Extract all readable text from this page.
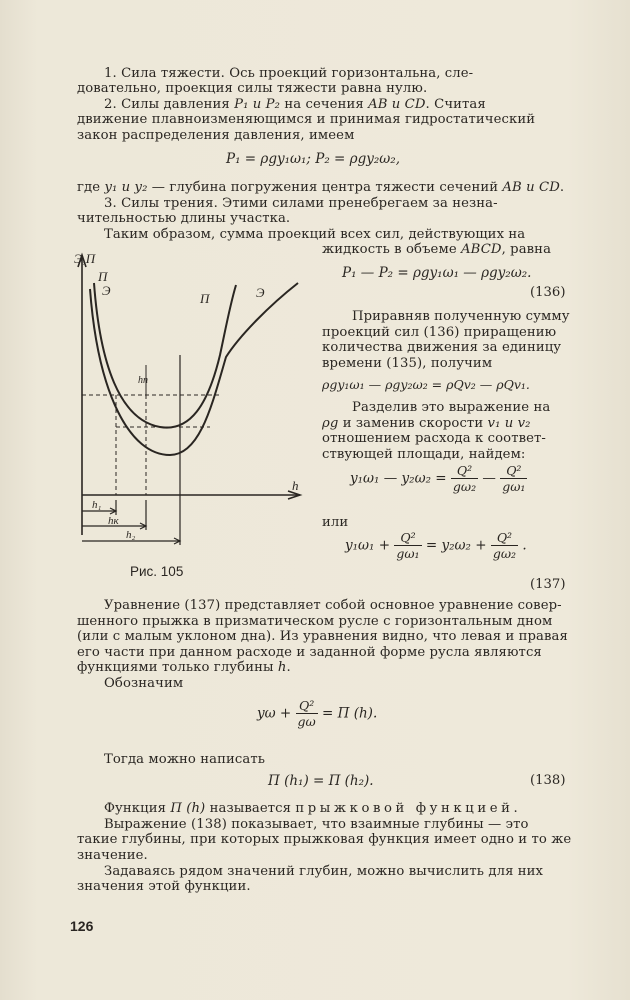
1. Сила тяжести. Ось проекций горизонтальна, сле-
довательно, проекция силы тяжести равна нулю.
2. Силы давления P₁ и P₂ на сечения AB и CD. Считая
движение плавноизменяющимся и принимая гидростатический
закон распределения давления, имеем
P₁ = ρgy₁ω₁; P₂ = ρgy₂ω₂,
где y₁ и y₂ — глубина погружения центра тяжести сечений AB и CD.
3. Силы трения. Этими силами пренебрегаем за незна-
чительностью длины участка.
Таким образом, сумма проекций всех сил, действующих на
жидкость в объеме ABCD, равна
P₁ — P₂ = ρgy₁ω₁ — ρgy₂ω₂.
(136)
Приравняв полученную сумму
проекций сил (136) приращению
количества движения за единицу
времени (135), получим
ρgy₁ω₁ — ρgy₂ω₂ = ρQv₂ — ρQv₁.
Разделив это выражение на
ρg и заменив скорости v₁ и v₂
отношением расхода к соответ-
ствующей площади, найдем:
y₁ω₁ — $y_2\omega_2 = \frac{\text{Q²}}{\text{gω₂}}$ — $\frac{\text{Q²}}{\text{gω₁}}$
или
$y_1\omega_1 + \frac{\text{Q²}}{\text{gω₁}} = y_2\omega_2 + \frac{\text{Q²}}{\text{gω₂}}$ .
(137)
Э,П
h
П
Э
П	Э
hп
h₁
hк
h₂
Рис. 105
Уравнение (137) представляет собой основное уравнение совер-
шенного прыжка в призматическом русле с горизонтальным дном
(или с малым уклоном дна). Из уравнения видно, что левая и правая
его части при данном расходе и заданной форме русла являются
функциями только глубины h.
Обозначим
$y\omega + \frac{\text{Q²}}{g\omega} = П$ (h).
Тогда можно написать
П (h₁) = П (h₂).	(138)
Функция П (h) называется прыжковой функцией.
Выражение (138) показывает, что взаимные глубины — это
такие глубины, при которых прыжковая функция имеет одно и то же
значение.
Задаваясь рядом значений глубин, можно вычислить для них
значения этой функции.
126
